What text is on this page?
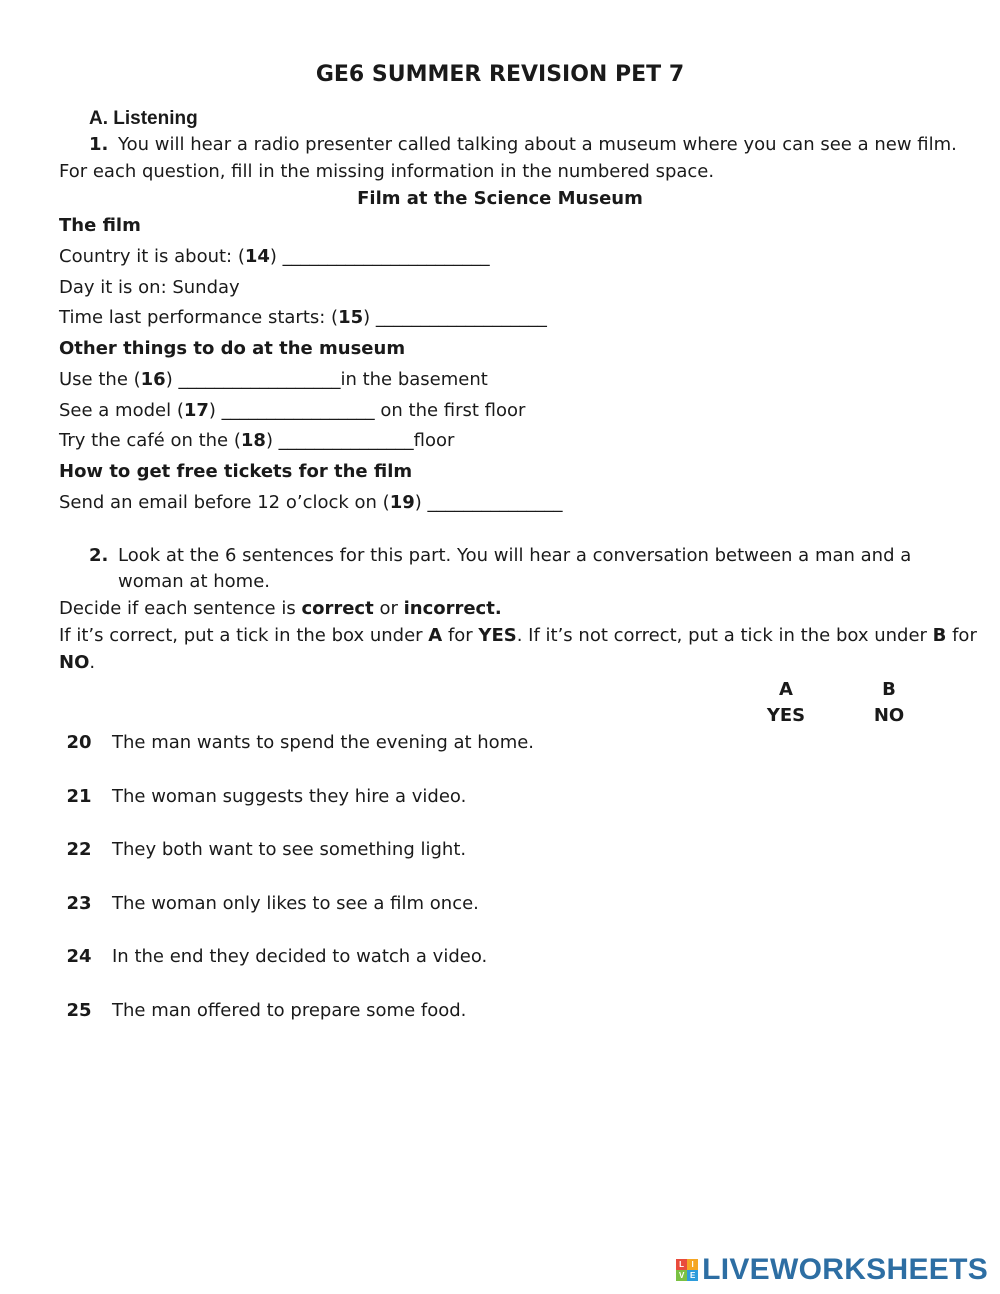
GE6 SUMMER REVISION PET 7
A. Listening
1. You will hear a radio presenter called talking about a museum where you can see a new film.
For each question, fill in the missing information in the numbered space.
Film at the Science Museum
The film
Country it is about: (14) _______________________
Day it is on: Sunday
Time last performance starts: (15) ___________________
Other things to do at the museum
Use the (16) __________________in the basement
See a model (17) _________________ on the first floor
Try the café on the (18) _______________floor
How to get free tickets for the film
Send an email before 12 o’clock on (19) _______________
2. Look at the 6 sentences for this part. You will hear a conversation between a man and a
woman at home.
Decide if each sentence is correct or incorrect.
If it’s correct, put a tick in the box under A for YES. If it’s not correct, put a tick in the box under B for
NO.
A
YES
B
NO
20 The man wants to spend the evening at home.
21 The woman suggests they hire a video.
22 They both want to see something light.
23 The woman only likes to see a film once.
24 In the end they decided to watch a video.
25 The man offered to prepare some food.
L I
V E LIVEWORKSHEETS
